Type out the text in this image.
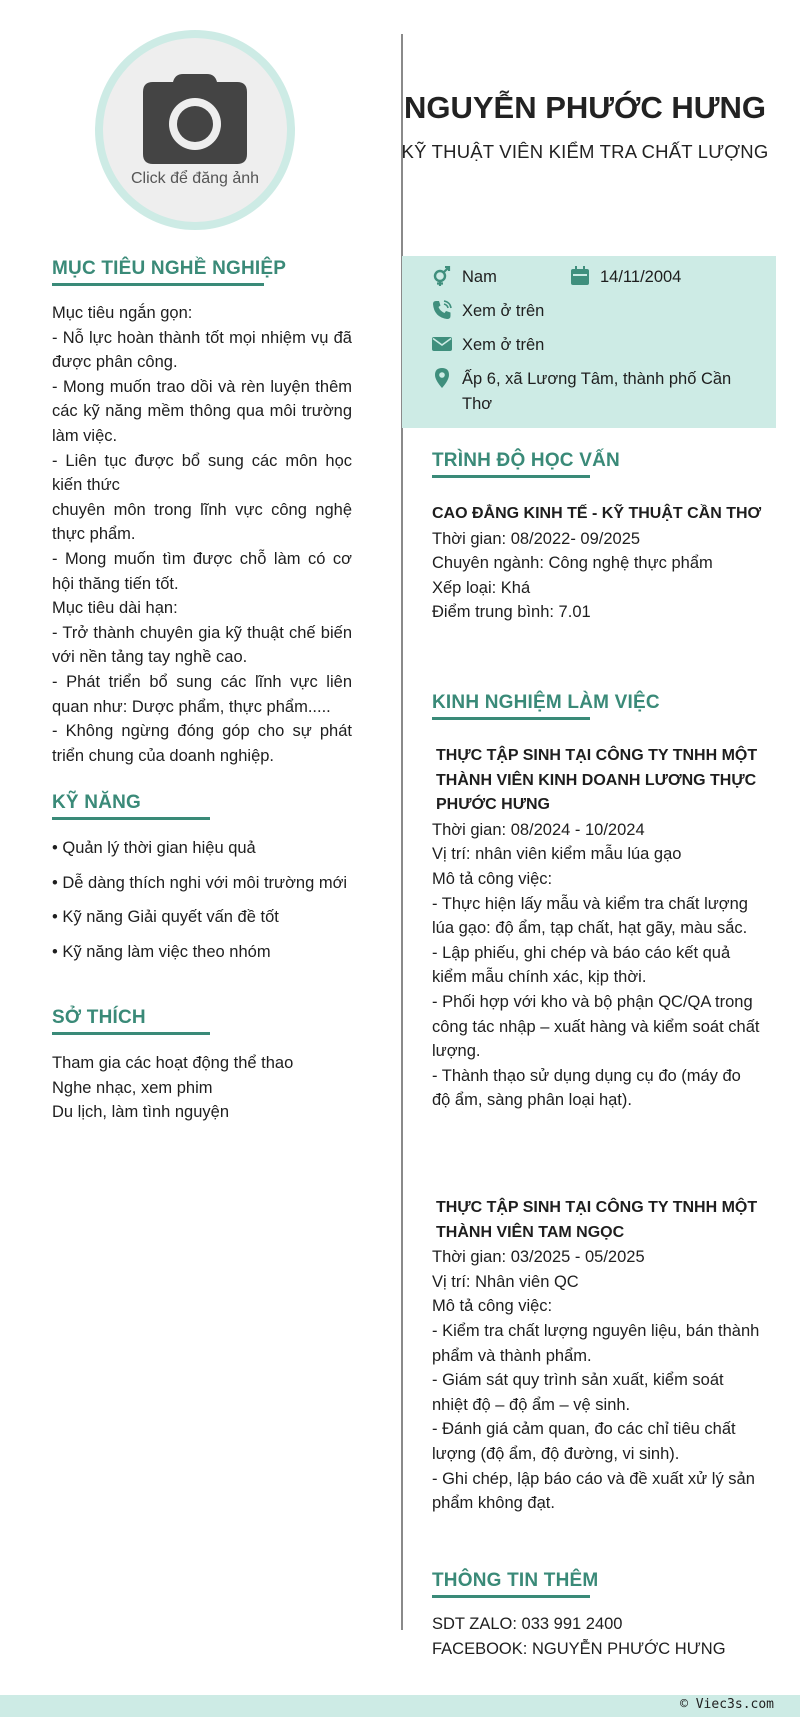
Click để đăng ảnh
MỤC TIÊU NGHỀ NGHIỆP

Mục tiêu ngắn gọn:

- Nỗ lực hoàn thành tốt mọi nhiệm vụ đã được phân công.

- Mong muốn trao dồi và rèn luyện thêm các kỹ năng mềm thông qua môi trường làm việc.

- Liên tục được bổ sung các môn học kiến thức

chuyên môn trong lĩnh vực công nghệ thực phẩm.

- Mong muốn tìm được chỗ làm có cơ hội thăng tiến tốt.

Mục tiêu dài hạn:

- Trở thành chuyên gia kỹ thuật chế biến với nền tảng tay nghề cao.

- Phát triển bổ sung các lĩnh vực liên quan như: Dược phẩm, thực phẩm.....

- Không ngừng đóng góp cho sự phát triển chung của doanh nghiệp.

KỸ NĂNG
• Quản lý thời gian hiệu quả
• Dễ dàng thích nghi với môi trường mới
• Kỹ năng Giải quyết vấn đề tốt
• Kỹ năng làm việc theo nhóm
SỞ THÍCH

Tham gia các hoạt động thể thao

Nghe nhạc, xem phim

Du lịch, làm tình nguyện

NGUYỄN PHƯỚC HƯNG
KỸ THUẬT VIÊN KIỂM TRA CHẤT LƯỢNG
Nam	14/11/2004
Xem ở trên
Xem ở trên
Ấp 6, xã Lương Tâm, thành phố Cần Thơ
TRÌNH ĐỘ HỌC VẤN

CAO ĐẲNG KINH TẾ - KỸ THUẬT CẦN THƠ

Thời gian: 08/2022- 09/2025

Chuyên ngành: Công nghệ thực phẩm

Xếp loại: Khá

Điểm trung bình: 7.01

KINH NGHIỆM LÀM VIỆC

THỰC TẬP SINH TẠI CÔNG TY TNHH MỘT THÀNH VIÊN KINH DOANH LƯƠNG THỰC PHƯỚC HƯNG

Thời gian: 08/2024 - 10/2024

Vị trí: nhân viên kiểm mẫu lúa gạo

Mô tả công việc:

- Thực hiện lấy mẫu và kiểm tra chất lượng lúa gạo: độ ẩm, tạp chất, hạt gãy, màu sắc.

- Lập phiếu, ghi chép và báo cáo kết quả kiểm mẫu chính xác, kịp thời.

- Phối hợp với kho và bộ phận QC/QA trong công tác nhập – xuất hàng và kiểm soát chất lượng.

- Thành thạo sử dụng dụng cụ đo (máy đo độ ẩm, sàng phân loại hạt).

THỰC TẬP SINH TẠI CÔNG TY TNHH MỘT THÀNH VIÊN TAM NGỌC

Thời gian: 03/2025 - 05/2025

Vị trí: Nhân viên QC

Mô tả công việc:

- Kiểm tra chất lượng nguyên liệu, bán thành phẩm và thành phẩm.

- Giám sát quy trình sản xuất, kiểm soát nhiệt độ – độ ẩm – vệ sinh.

- Đánh giá cảm quan, đo các chỉ tiêu chất lượng (độ ẩm, độ đường, vi sinh).

- Ghi chép, lập báo cáo và đề xuất xử lý sản phẩm không đạt.

THÔNG TIN THÊM

SDT ZALO: 033 991 2400

FACEBOOK: NGUYỄN PHƯỚC HƯNG

© Viec3s.com
